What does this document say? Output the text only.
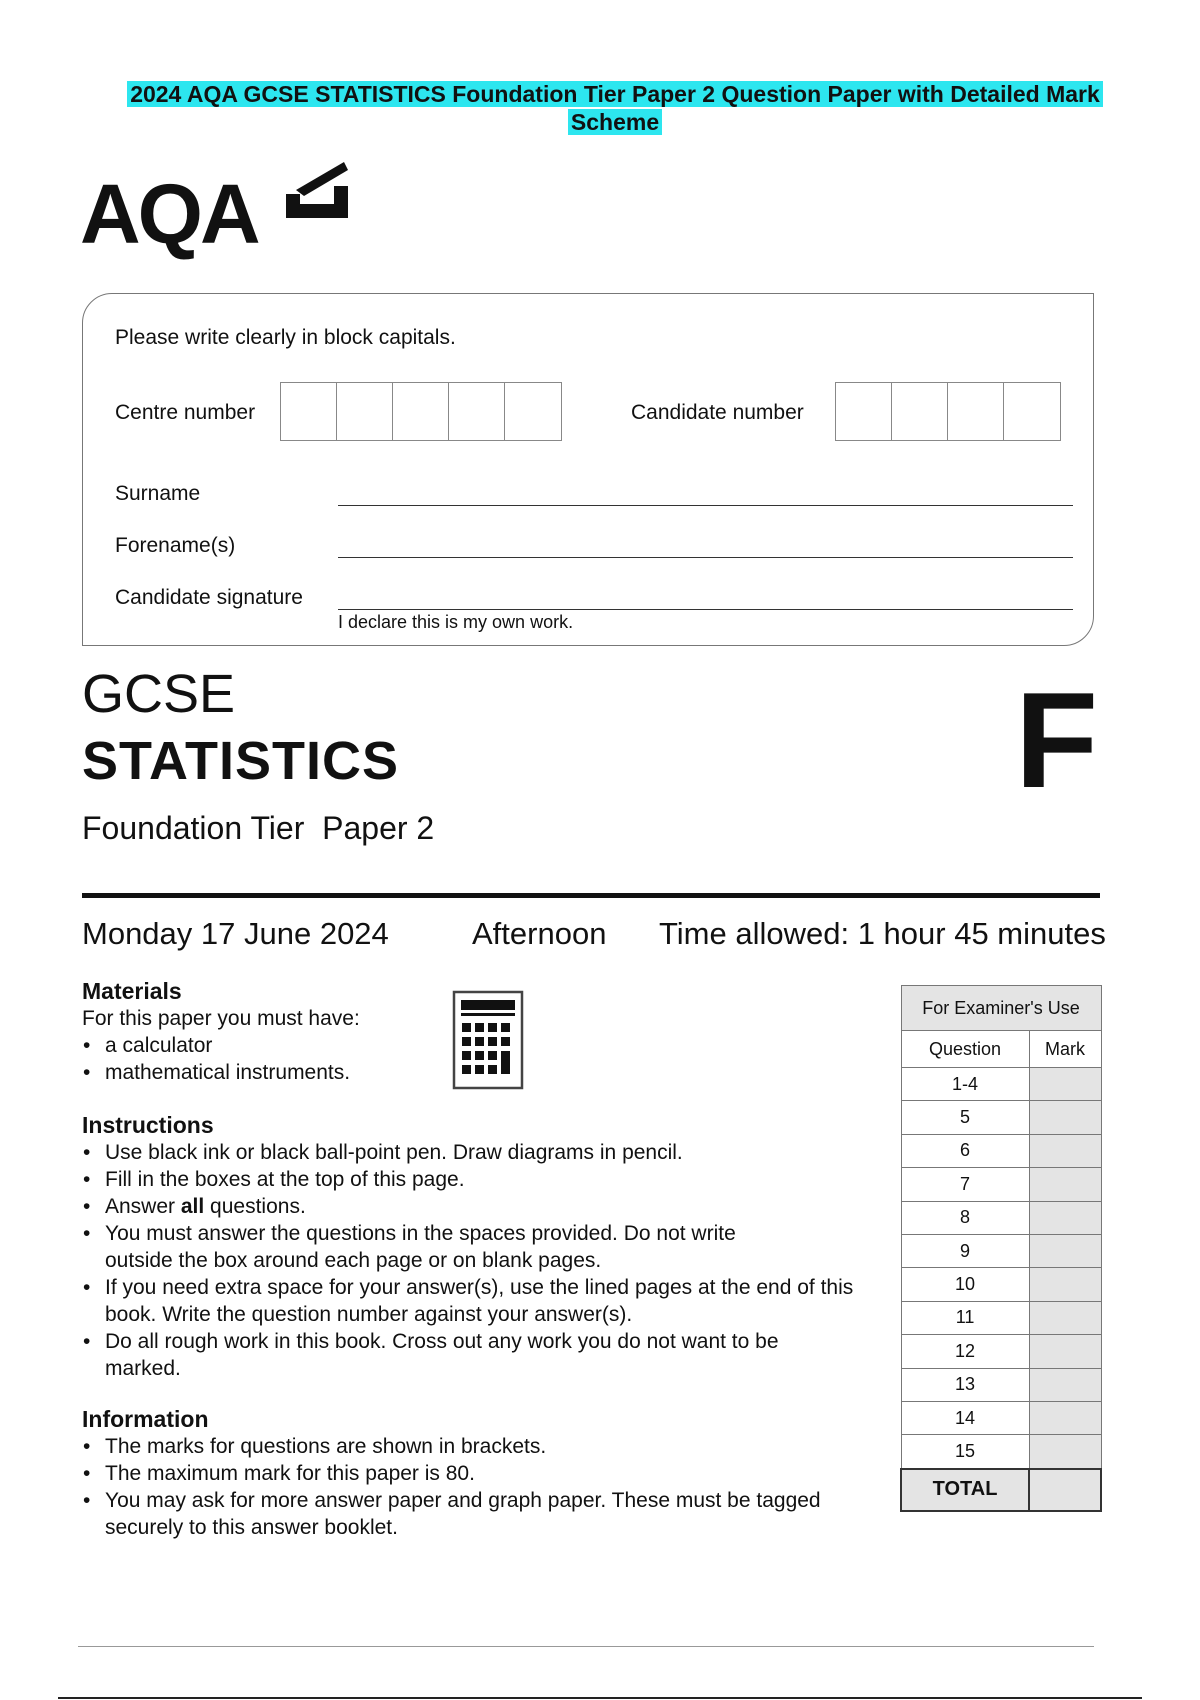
2024 AQA GCSE STATISTICS Foundation Tier Paper 2 Question Paper with Detailed Mark Scheme
AQA
Please write clearly in block capitals.
Centre number	Candidate number
Surname
Forename(s)
Candidate signature
I declare this is my own work.
GCSE
STATISTICS
Foundation Tier  Paper 2
F
Monday 17 June 2024	Afternoon Time allowed: 1 hour 45 minutes
Materials
For this paper you must have:
• a calculator
• mathematical instruments.
Instructions
• Use black ink or black ball-point pen. Draw diagrams in pencil.
• Fill in the boxes at the top of this page.
• Answer all questions.
• You must answer the questions in the spaces provided. Do not write outside the box around each page or on blank pages.
• If you need extra space for your answer(s), use the lined pages at the end of this book. Write the question number against your answer(s).
• Do all rough work in this book. Cross out any work you do not want to be marked.
Information
• The marks for questions are shown in brackets.
• The maximum mark for this paper is 80.
• You may ask for more answer paper and graph paper. These must be tagged securely to this answer booklet.
For Examiner's Use	
Question	Mark
1-4	
5	
6	
7	
8	
9	
10	
11	
12	
13	
14	
15	
TOTAL	
